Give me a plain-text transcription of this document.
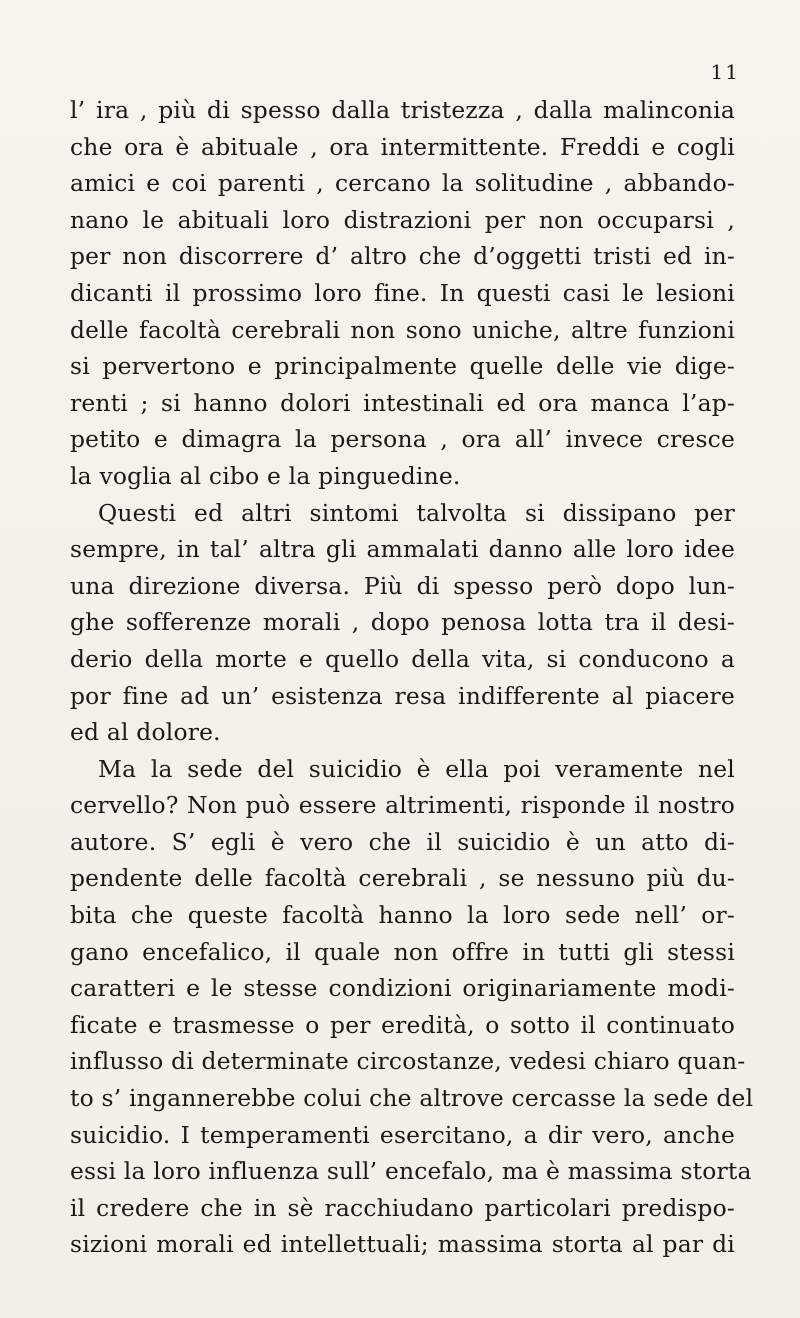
11
l’ ira , più di spesso dalla tristezza , dalla malinconia
che ora è abituale , ora intermittente. Freddi e cogli
amici e coi parenti , cercano la solitudine , abbando-
nano le abituali loro distrazioni per non occuparsi ,
per non discorrere d’ altro che d’oggetti tristi ed in-
dicanti il prossimo loro fine. In questi casi le lesioni
delle facoltà cerebrali non sono uniche, altre funzioni
si pervertono e principalmente quelle delle vie dige-
renti ; si hanno dolori intestinali ed ora manca l’ap-
petito e dimagra la persona , ora all’ invece cresce
la voglia al cibo e la pinguedine.
Questi ed altri sintomi talvolta si dissipano per
sempre, in tal’ altra gli ammalati danno alle loro idee
una direzione diversa. Più di spesso però dopo lun-
ghe sofferenze morali , dopo penosa lotta tra il desi-
derio della morte e quello della vita, si conducono a
por fine ad un’ esistenza resa indifferente al piacere
ed al dolore.
Ma la sede del suicidio è ella poi veramente nel
cervello? Non può essere altrimenti, risponde il nostro
autore. S’ egli è vero che il suicidio è un atto di-
pendente delle facoltà cerebrali , se nessuno più du-
bita che queste facoltà hanno la loro sede nell’ or-
gano encefalico, il quale non offre in tutti gli stessi
caratteri e le stesse condizioni originariamente modi-
ficate e trasmesse o per eredità, o sotto il continuato
influsso di determinate circostanze, vedesi chiaro quan-
to s’ ingannerebbe colui che altrove cercasse la sede del
suicidio. I temperamenti esercitano, a dir vero, anche
essi la loro influenza sull’ encefalo, ma è massima storta
il credere che in sè racchiudano particolari predispo-
sizioni morali ed intellettuali; massima storta al par di
